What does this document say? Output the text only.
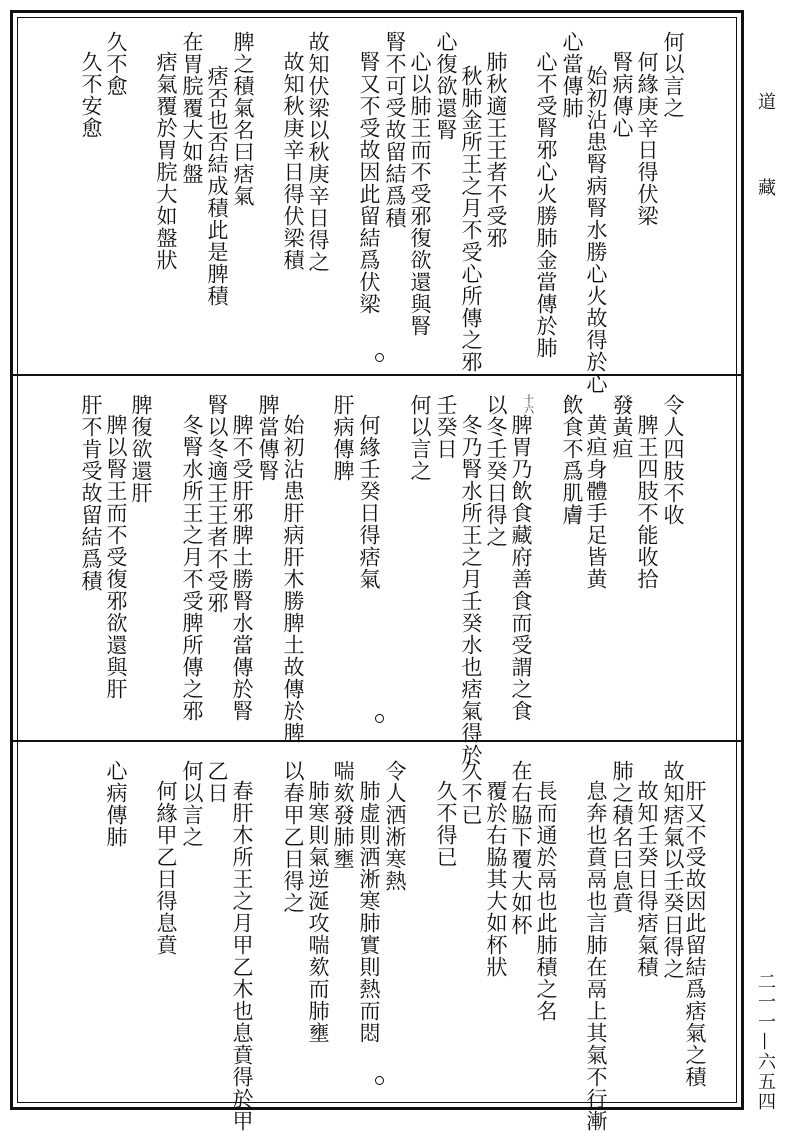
何以言之
何緣庚辛日得伏梁
腎病傳心
始初沾患腎病腎水勝心火故得於心
心當傳肺
心不受腎邪心火勝肺金當傳於肺
肺秋適王王者不受邪
秋肺金所王之月不受心所傳之邪
心復欲還腎
心以肺王而不受邪復欲還與腎
腎不可受故留結爲積
腎又不受故因此留結爲伏梁
故知伏梁以秋庚辛日得之
故知秋庚辛日得伏梁積
脾之積氣名曰痞氣
痞否也否結成積此是脾積
在胃脘覆大如盤
痞氣覆於胃脘大如盤狀
久不愈
久不安愈
令人四肢不收
脾王四肢不能收拾
發黃疸
黄疸身體手足皆黄
飲食不爲肌膚
十六脾胃乃飲食藏府善食而受謂之食
以冬壬癸日得之
冬乃腎水所王之月壬癸水也痞氣得於
壬癸日
何以言之
何緣壬癸日得痞氣
肝病傳脾
始初沾患肝病肝木勝脾土故傳於脾
脾當傳腎
脾不受肝邪脾土勝腎水當傳於腎
腎以冬適王王者不受邪
冬腎水所王之月不受脾所傳之邪
脾復欲還肝
脾以腎王而不受復邪欲還與肝
肝不肯受故留結爲積
肝又不受故因此留結爲痞氣之積
故知痞氣以壬癸日得之
故知壬癸日得痞氣積
肺之積名曰息賁
息奔也賁鬲也言肺在鬲上其氣不行漸
長而通於鬲也此肺積之名
在右脇下覆大如杯
覆於右脇其大如杯狀
久不已
久不得已
令人洒淅寒熱
肺虚則洒淅寒肺實則熱而悶
喘欬發肺壅
肺寒則氣逆涎攻喘欬而肺壅
以春甲乙日得之
春肝木所王之月甲乙木也息賁得於甲
乙日
何以言之
何緣甲乙日得息賁
心病傳肺
道
藏
二一一—六五四
